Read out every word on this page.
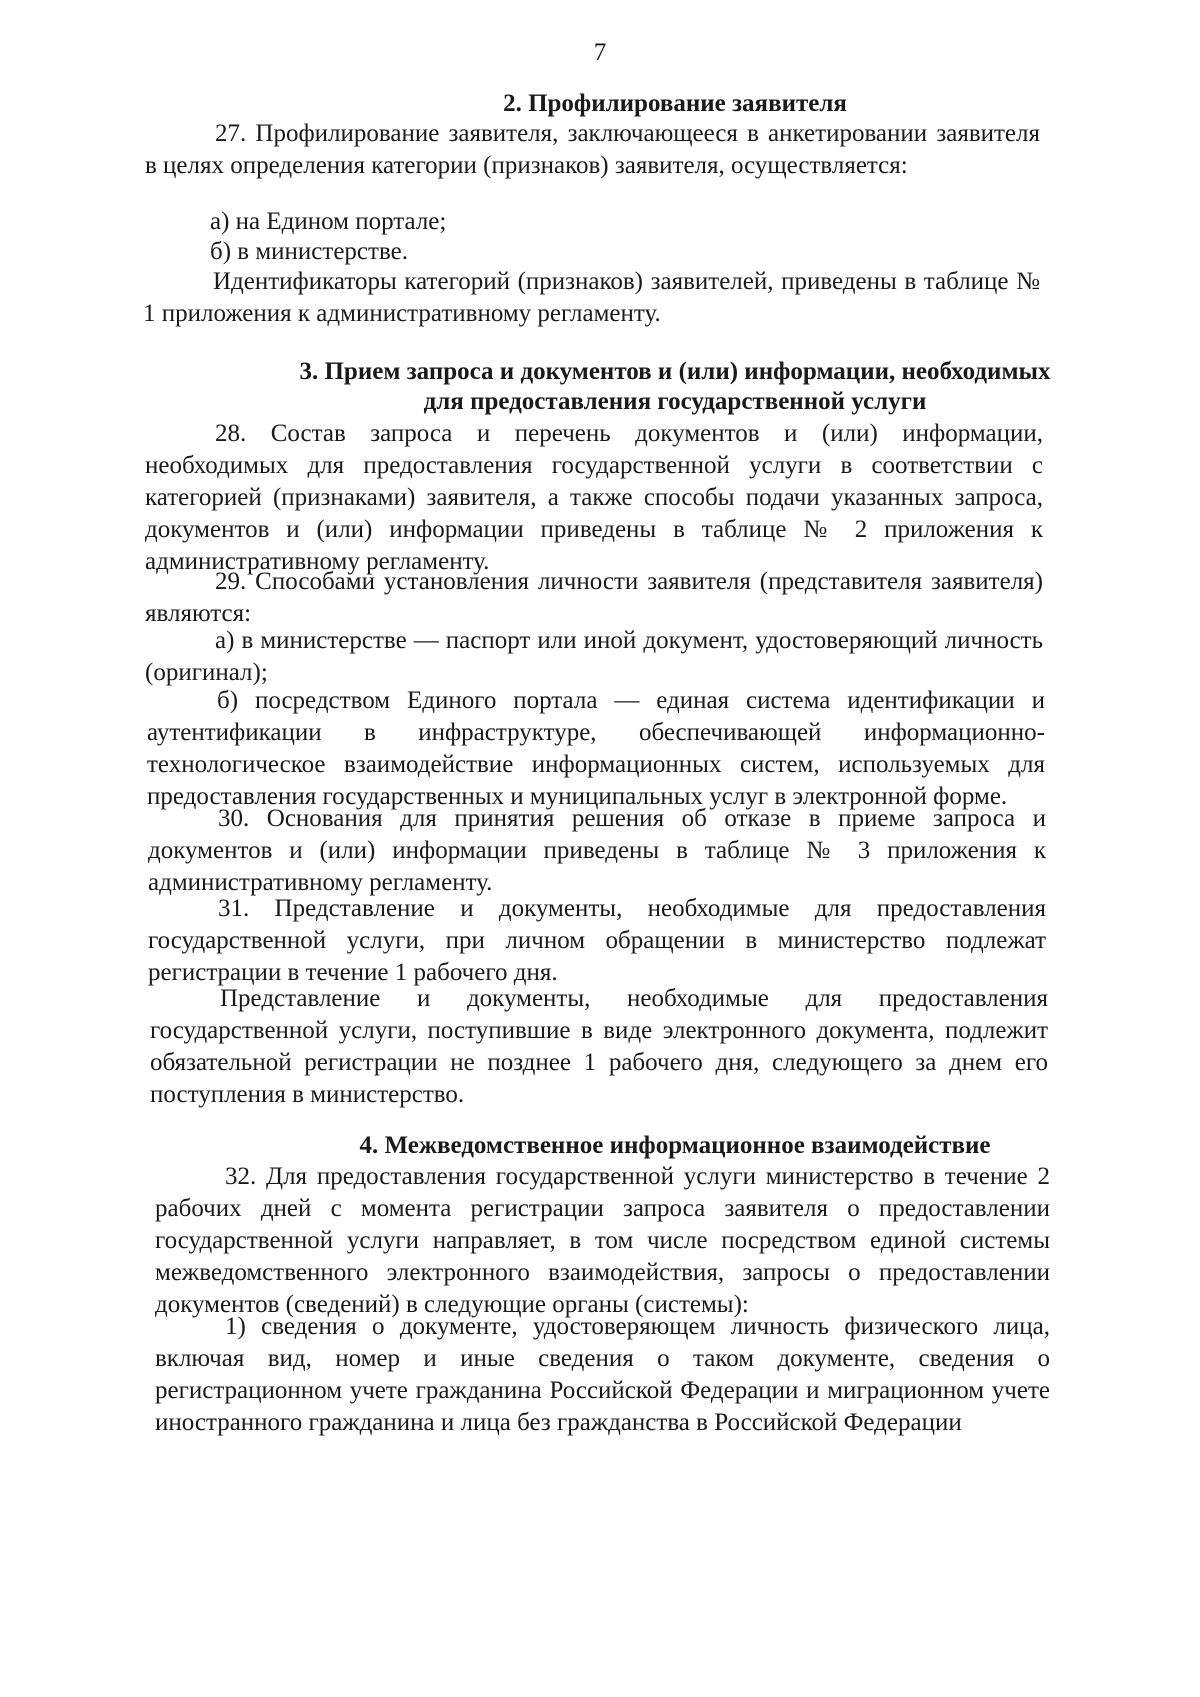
7
2. Профилирование заявителя

27. Профилирование заявителя, заключающееся в анкетировании заявителя в целях определения категории (признаков) заявителя, осуществляется:

а) на Едином портале;

б) в министерстве.

Идентификаторы категорий (признаков) заявителей, приведены в таблице № 1 приложения к административному регламенту.

3. Прием запроса и документов и (или) информации, необходимых
для предоставления государственной услуги

28. Состав запроса и перечень документов и (или) информации, необходимых для предоставления государственной услуги в соответствии с категорией (признаками) заявителя, а также способы подачи указанных запроса, документов и (или) информации приведены в таблице № 2 приложения к административному регламенту.

29. Способами установления личности заявителя (представителя заявителя) являются:

а) в министерстве — паспорт или иной документ, удостоверяющий личность (оригинал);

б) посредством Единого портала — единая система идентификации и аутентификации в инфраструктуре, обеспечивающей информационно-технологическое взаимодействие информационных систем, используемых для предоставления государственных и муниципальных услуг в электронной форме.

30. Основания для принятия решения об отказе в приеме запроса и документов и (или) информации приведены в таблице № 3 приложения к административному регламенту.

31. Представление и документы, необходимые для предоставления государственной услуги, при личном обращении в министерство подлежат регистрации в течение 1 рабочего дня.

Представление и документы, необходимые для предоставления государственной услуги, поступившие в виде электронного документа, подлежит обязательной регистрации не позднее 1 рабочего дня, следующего за днем его поступления в министерство.

4. Межведомственное информационное взаимодействие

32. Для предоставления государственной услуги министерство в течение 2 рабочих дней с момента регистрации запроса заявителя о предоставлении государственной услуги направляет, в том числе посредством единой системы межведомственного электронного взаимодействия, запросы о предоставлении документов (сведений) в следующие органы (системы):

1) сведения о документе, удостоверяющем личность физического лица, включая вид, номер и иные сведения о таком документе, сведения о регистрационном учете гражданина Российской Федерации и миграционном учете иностранного гражданина и лица без гражданства в Российской Федерации
